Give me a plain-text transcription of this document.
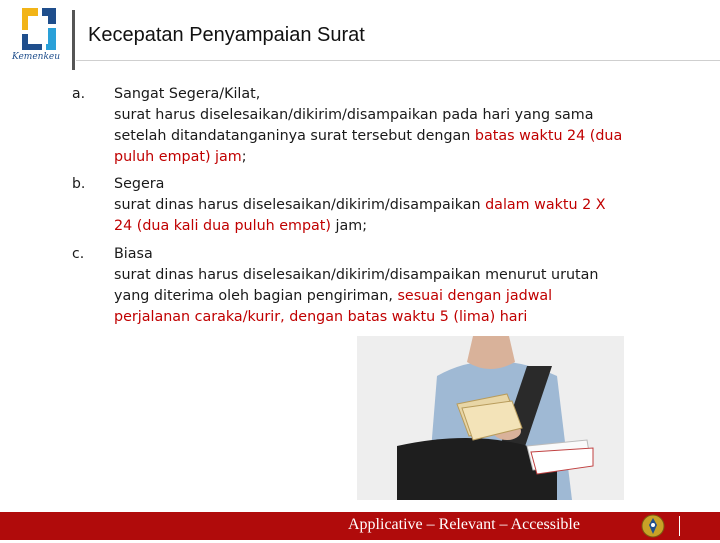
Kemenkeu
Kecepatan Penyampaian Surat
a. Sangat Segera/Kilat,
surat harus diselesaikan/dikirim/disampaikan pada hari yang sama setelah ditandatanganinya surat tersebut dengan batas waktu 24 (dua puluh empat) jam;
b. Segera
surat dinas harus diselesaikan/dikirim/disampaikan dalam waktu 2 X 24 (dua kali dua puluh empat) jam;
c. Biasa
surat dinas harus diselesaikan/dikirim/disampaikan menurut urutan yang diterima oleh bagian pengiriman, sesuai dengan jadwal perjalanan caraka/kurir, dengan batas waktu 5 (lima) hari
Applicative – Relevant – Accessible
